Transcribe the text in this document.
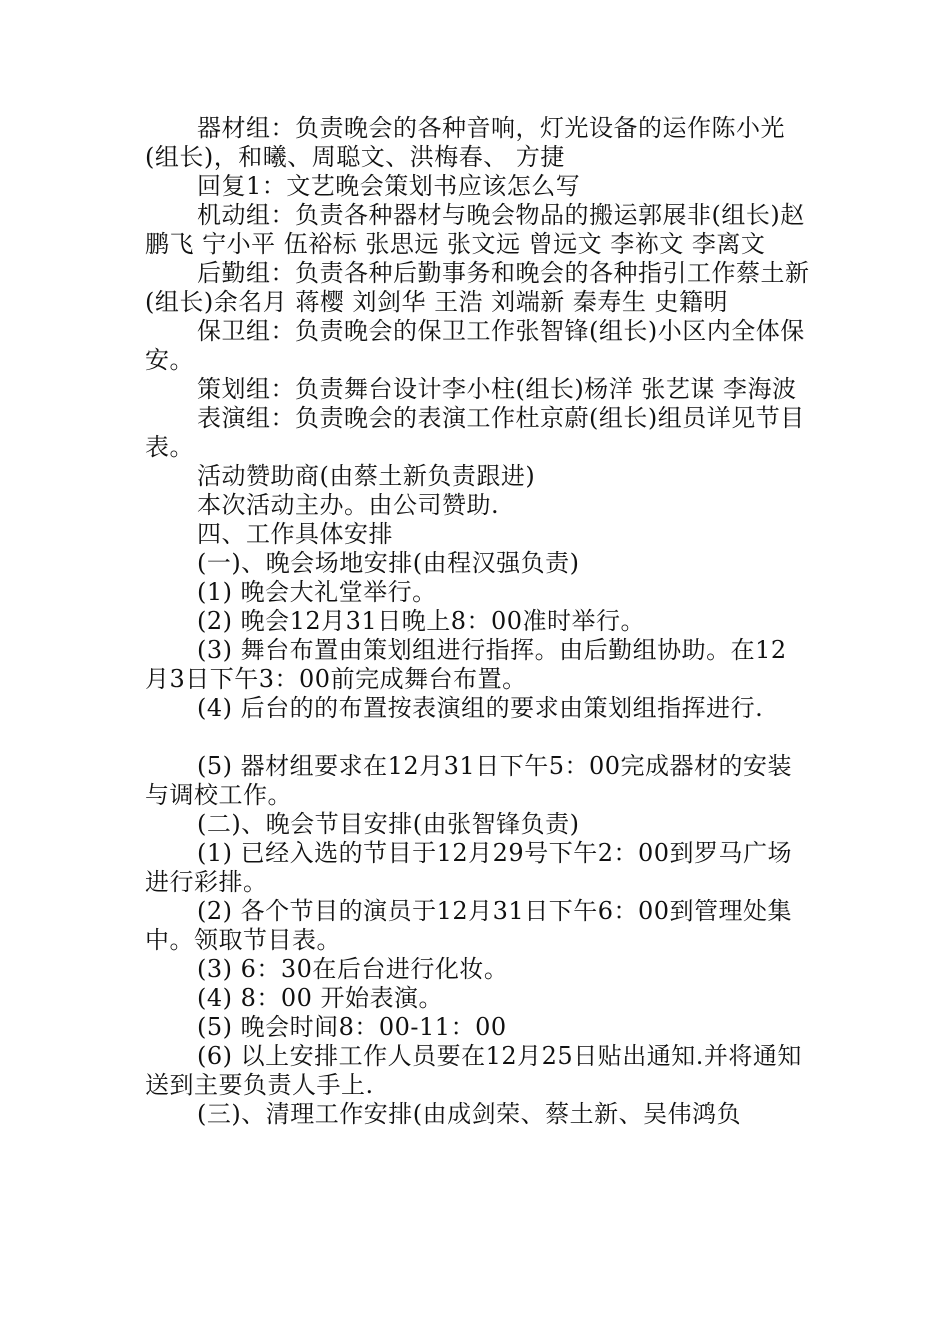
器材组：负责晚会的各种音响，灯光设备的运作陈小光(组长)，和曦、周聪文、洪梅春、 方捷

回复1：文艺晚会策划书应该怎么写

机动组：负责各种器材与晚会物品的搬运郭展非(组长)赵鹏飞 宁小平 伍裕标 张思远 张文远 曾远文 李袮文 李离文

后勤组：负责各种后勤事务和晚会的各种指引工作蔡土新(组长)余名月 蒋樱 刘剑华 王浩 刘端新 秦寿生 史籍明

保卫组：负责晚会的保卫工作张智锋(组长)小区内全体保安。

策划组：负责舞台设计李小柱(组长)杨洋 张艺谋 李海波

表演组：负责晚会的表演工作杜京蔚(组长)组员详见节目表。

活动赞助商(由蔡土新负责跟进)

本次活动主办。由公司赞助.

四、工作具体安排

(一)、晚会场地安排(由程汉强负责)

(1) 晚会大礼堂举行。

(2) 晚会12月31日晚上8：00准时举行。

(3) 舞台布置由策划组进行指挥。由后勤组协助。在12月3日下午3：00前完成舞台布置。

(4) 后台的的布置按表演组的要求由策划组指挥进行.

(5) 器材组要求在12月31日下午5：00完成器材的安装与调校工作。

(二)、晚会节目安排(由张智锋负责)

(1) 已经入选的节目于12月29号下午2：00到罗马广场进行彩排。

(2) 各个节目的演员于12月31日下午6：00到管理处集中。领取节目表。

(3) 6：30在后台进行化妆。

(4) 8：00 开始表演。

(5) 晚会时间8：00-11：00

(6) 以上安排工作人员要在12月25日贴出通知.并将通知送到主要负责人手上.

(三)、清理工作安排(由成剑荣、蔡土新、吴伟鸿负
